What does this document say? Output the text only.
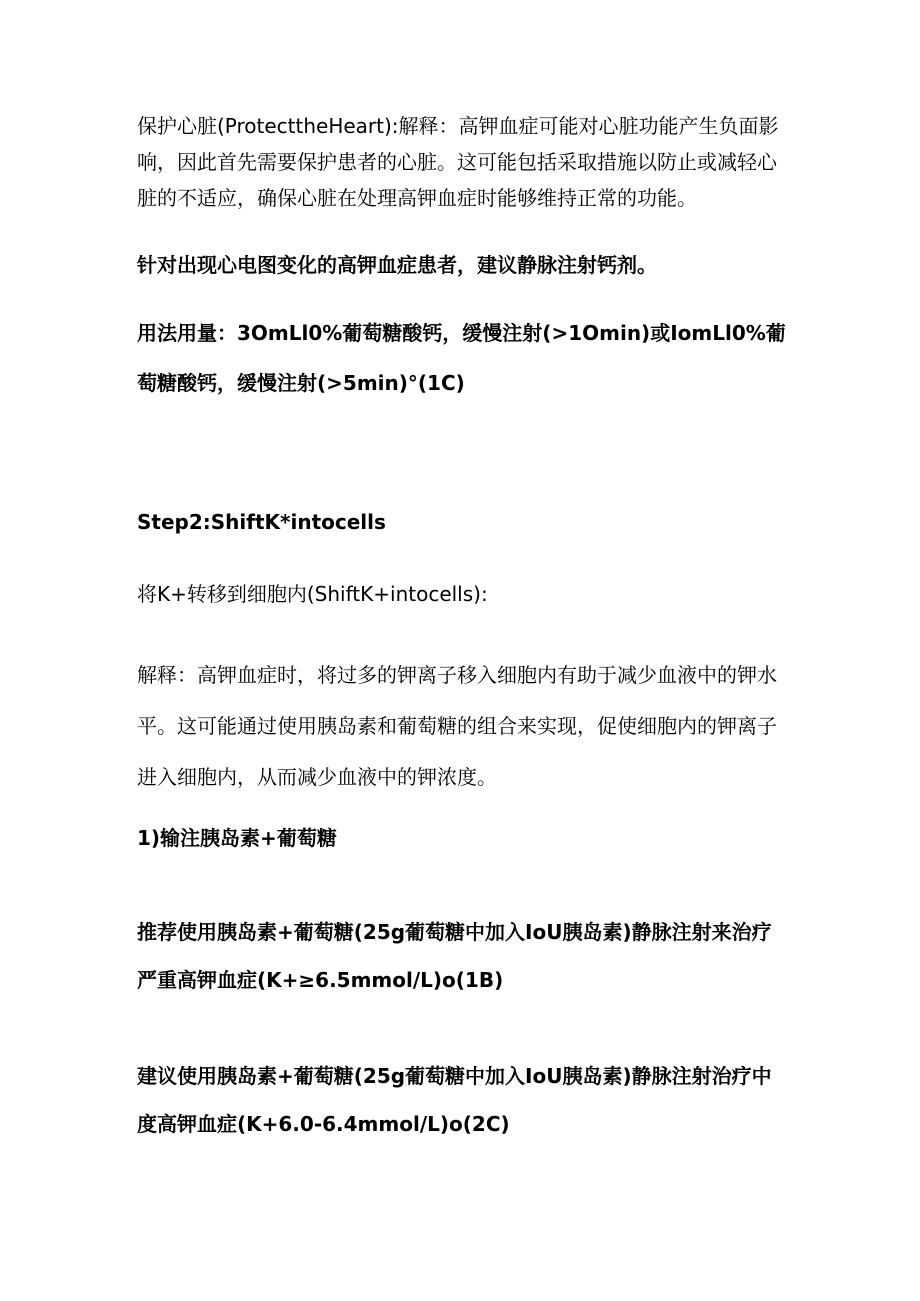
保护心脏(ProtecttheHeart):解释：高钾血症可能对心脏功能产生负面影响，因此首先需要保护患者的心脏。这可能包括采取措施以防止或减轻心脏的不适应，确保心脏在处理高钾血症时能够维持正常的功能。

针对出现心电图变化的高钾血症患者，建议静脉注射钙剂。

用法用量：3OmLl0%葡萄糖酸钙，缓慢注射(>1Omin)或IomLl0%葡萄糖酸钙，缓慢注射(>5min)°(1C)

Step2:ShiftK*intocells

将K+转移到细胞内(ShiftK+intocells):

解释：高钾血症时，将过多的钾离子移入细胞内有助于减少血液中的钾水平。这可能通过使用胰岛素和葡萄糖的组合来实现，促使细胞内的钾离子进入细胞内，从而减少血液中的钾浓度。

1)输注胰岛素+葡萄糖

推荐使用胰岛素+葡萄糖(25g葡萄糖中加入IoU胰岛素)静脉注射来治疗严重高钾血症(K+≥6.5mmol/L)o(1B)

建议使用胰岛素+葡萄糖(25g葡萄糖中加入IoU胰岛素)静脉注射治疗中度高钾血症(K+6.0-6.4mmol/L)o(2C)
